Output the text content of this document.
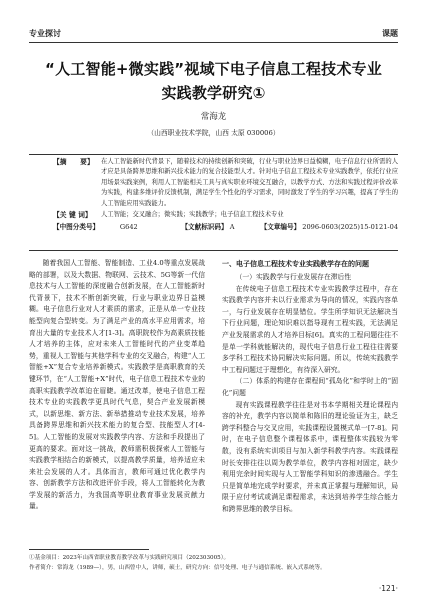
专业探讨	课题
“人工智能+微实践”视域下电子信息工程技术专业
实践教学研究①
常海龙
（山西职业技术学院，山西 太原 030006）
【摘　　要】	在人工智能新时代背景下，随着技术的持续创新和突破，行业与职业边界日益模糊，电子信息行业所需的人才应是具备跨界思维和新兴技术能力的复合技能型人才。针对电子信息工程技术专业实践教学，依托行业应用场景实践案例，利用人工智能相关工具与真实职业环境交互融合，以教学方式、方法和实践过程评价改革为实践，构建多维评价反馈机制，满足学生个性化的学习需求，同时激发了学生的学习兴趣，提高了学生的人工智能应用实践能力。
【关 键 词】	人工智能；交叉融合；微实践；实践教学；电子信息工程技术专业
【中图分类号】	G642	【文献标识码】 A	【文章编号】 2096-0603(2025)15-0121-04

随着我国人工智能、智能制造、工业4.0等重点发展战略的部署，以及大数据、物联网、云技术、5G等新一代信息技术与人工智能的深度融合创新发展，在人工智能新时代背景下，技术不断创新突破，行业与职业边界日益模糊。电子信息行业对人才素质的需求，正是从单一专业技能型向复合型转变。为了满足产业的高水平应用需求，培育出大量的专业技术人才[1-3]。高职院校作为高素质技能人才培养的主体，应对未来人工智能时代的产业变革趋势，重视人工智能与其他学科专业的交叉融合，构建“人工智能+X”复合专业培养新模式。实践教学是高职教育的关键环节，在“人工智能+X”时代，电子信息工程技术专业的高职实践教学改革迫在眉睫。通过改革，使电子信息工程技术专业的实践教学更具时代气息，契合产业发展新模式，以新思维、新方法、新举措推动专业技术发展，培养具备跨界思维和新兴技术能力的复合型、技能型人才[4-5]。人工智能的发展对实践教学内容、方法和手段提出了更高的要求。面对这一挑战，教师需积极探索人工智能与实践教学相结合的新模式，以提高教学质量，培养适应未来社会发展的人才。具体而言，教师可通过优化教学内容、创新教学方法和改进评价手段，将人工智能转化为教学发展的新活力，为我国高等职业教育事业发展贡献力量。

一、电子信息工程技术专业实践教学存在的问题
（一）实践教学与行业发展存在滞后性

在传统电子信息工程技术专业实践教学过程中，存在实践教学内容并未以行业需求为导向的情况，实践内容单一，与行业发展存在明显错位。学生所学知识无法解决当下行业问题，理论知识难以指导现有工程实践，无法满足产业发展需求的人才培养目标[6]。真实的工程问题往往不是单一学科就能解决的，现代电子信息行业工程往往需要多学科工程技术协同解决实际问题。所以，传统实践教学中工程问题过于理想化，有待深入研究。

（二）体系的构建存在课程间“孤岛化”和学时上的“固化”问题

现有实践课程教学往往是对书本学期相关理论课程内容的补充，教学内容以简单和陈旧的理论验证为主，缺乏跨学科整合与交叉应用，实践课程设置模式单一[7-8]。同时，在电子信息整个课程体系中，课程整体实践较为零散，没有系统实训项目与加入新学科教学内容。实践课程时长安排往往以周为教学单位，教学内容相对固定，缺少利用完余时间实现与人工智能学科知识的渗透融合。学生只是简单地完成学时要求，并未真正掌握与理解知识，局限于应付考试或满足课程需求，未达到培养学生综合能力和跨界思维的教学目标。

①基金项目：2023年山西省职业教育教学改革与实践研究项目（202303005）。
作者简介：常海龙（1989—），男，山西曾中人，讲师，硕士，研究方向：信号处理、电子与通信系统、嵌入式系统等。
·121·
